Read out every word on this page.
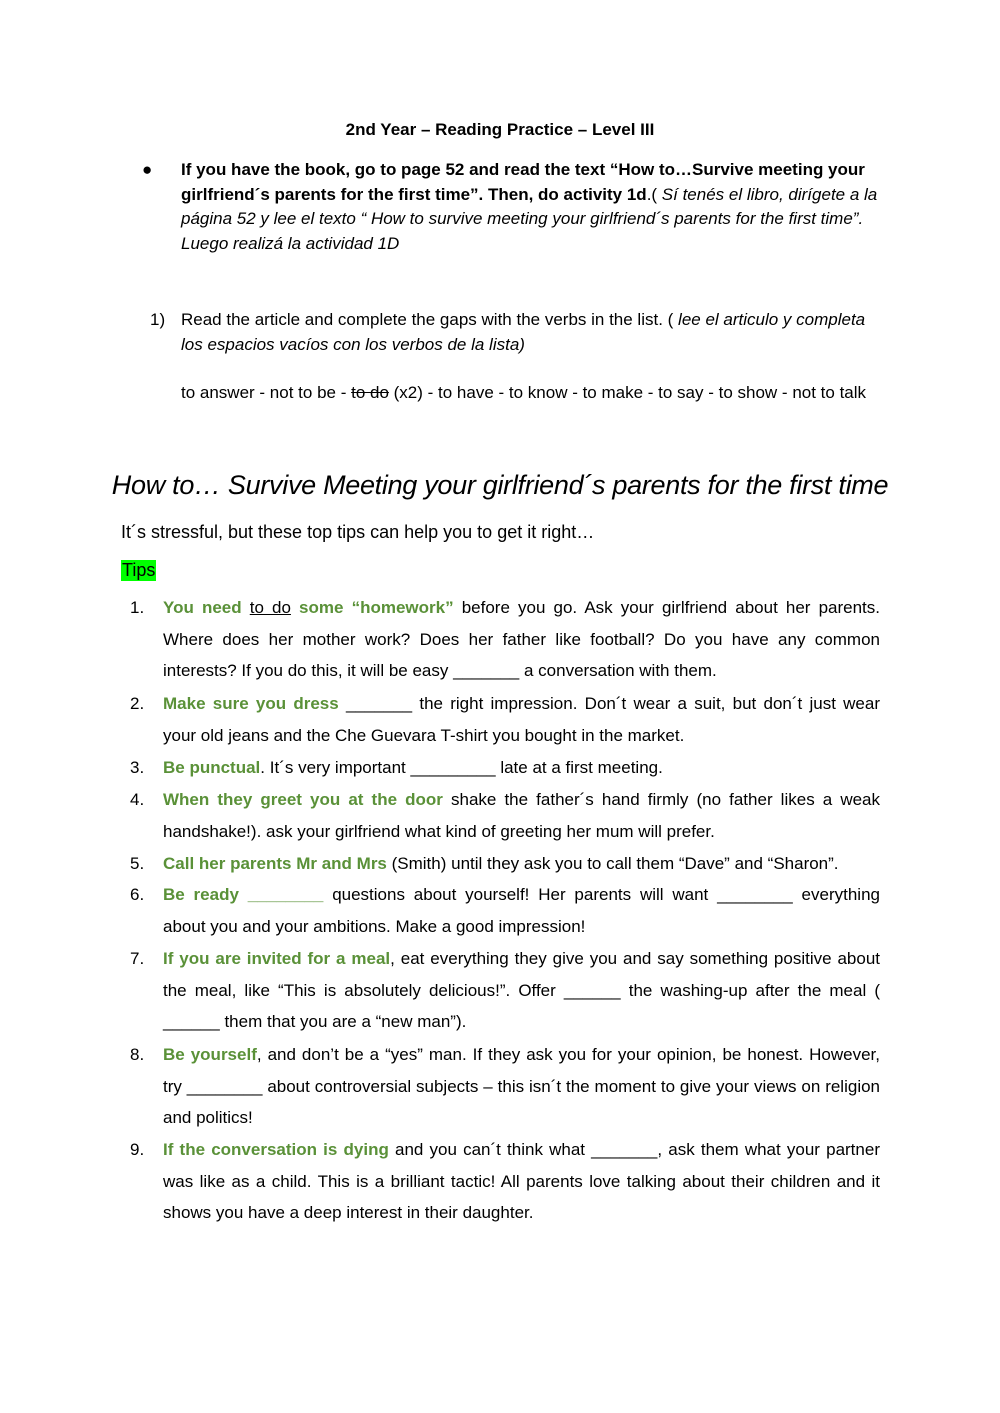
2nd Year – Reading Practice – Level III
● If you have the book, go to page 52 and read the text “How to…Survive meeting your girlfriend´s parents for the first time”. Then, do activity 1d.( Sí tenés el libro, dirígete a la página 52 y lee el texto “ How to survive meeting your girlfriend´s parents for the first time”. Luego realizá la actividad 1D
1) Read the article and complete the gaps with the verbs in the list. ( lee el articulo y completa los espacios vacíos con los verbos de la lista)
to answer - not to be - to do (x2) - to have - to know - to make - to say - to show - not to talk
How to… Survive Meeting your girlfriend´s parents for the first time
It´s stressful, but these top tips can help you to get it right…
Tips
1. You need to do some “homework” before you go. Ask your girlfriend about her parents. Where does her mother work? Does her father like football? Do you have any common interests? If you do this, it will be easy _______ a conversation with them.
2. Make sure you dress _______ the right impression. Don´t wear a suit, but don´t just wear your old jeans and the Che Guevara T-shirt you bought in the market.
3. Be punctual. It´s very important _________ late at a first meeting.
4. When they greet you at the door shake the father´s hand firmly (no father likes a weak handshake!). ask your girlfriend what kind of greeting her mum will prefer.
5. Call her parents Mr and Mrs (Smith) until they ask you to call them “Dave” and “Sharon”.
6. Be ready ________ questions about yourself! Her parents will want ________ everything about you and your ambitions. Make a good impression!
7. If you are invited for a meal, eat everything they give you and say something positive about the meal, like “This is absolutely delicious!”. Offer ______ the washing-up after the meal ( ______ them that you are a “new man”).
8. Be yourself, and don’t be a “yes” man. If they ask you for your opinion, be honest. However, try ________ about controversial subjects – this isn´t the moment to give your views on religion and politics!
9. If the conversation is dying and you can´t think what _______, ask them what your partner was like as a child. This is a brilliant tactic! All parents love talking about their children and it shows you have a deep interest in their daughter.
